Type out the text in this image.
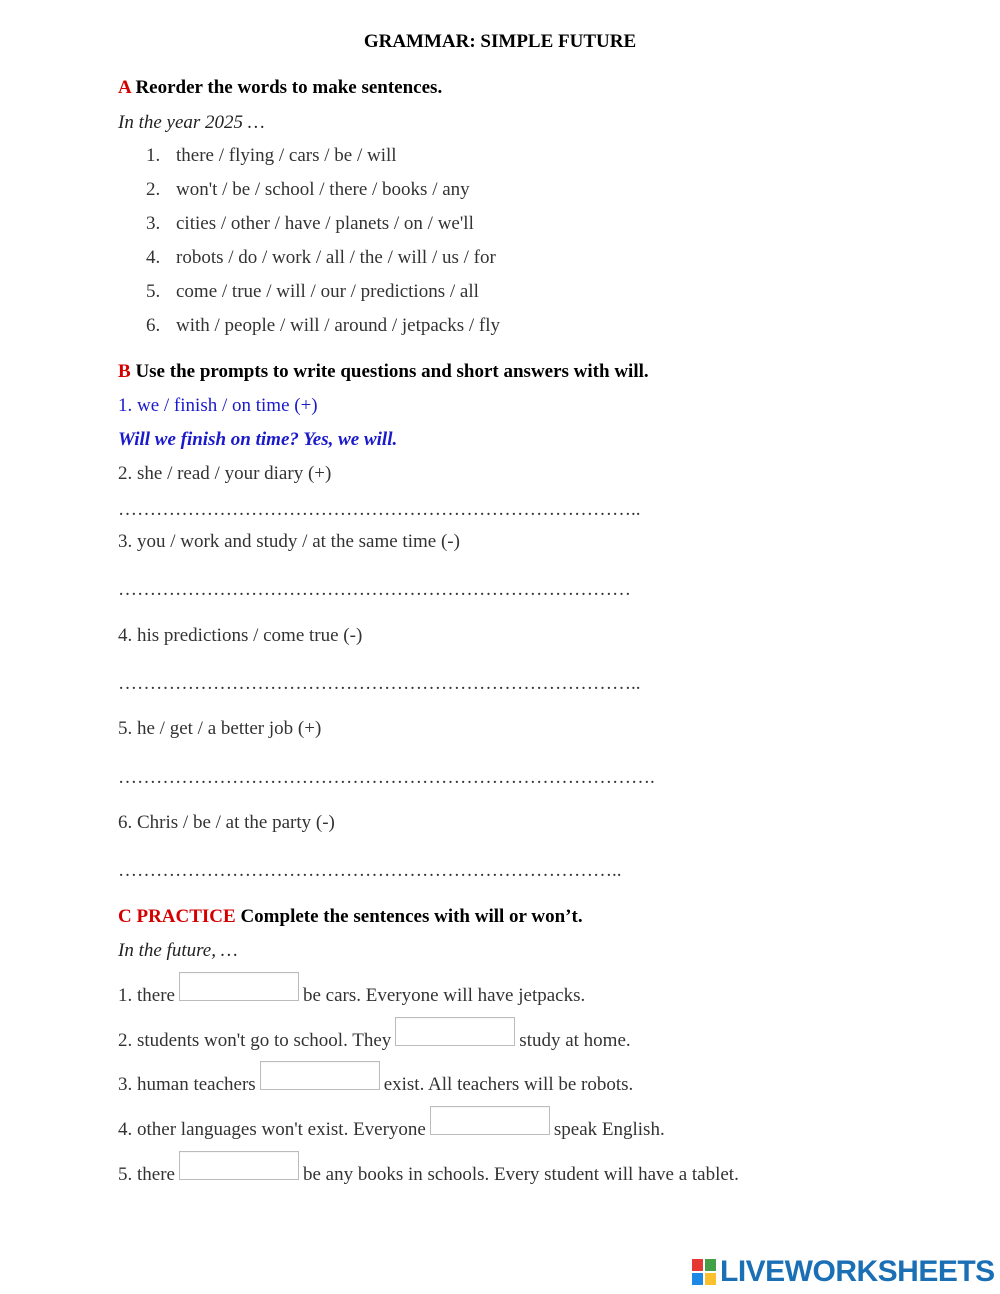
GRAMMAR: SIMPLE FUTURE
A Reorder the words to make sentences.
In the year 2025 …
1. there / flying / cars / be / will
2. won't / be / school / there / books / any
3. cities / other / have / planets / on / we'll
4. robots / do / work / all / the / will / us / for
5. come / true / will / our / predictions / all
6. with / people / will / around / jetpacks / fly
B Use the prompts to write questions and short answers with will.
1. we / finish / on time (+)
Will we finish on time? Yes, we will.
2. she / read / your diary (+)
………………………………………………………………………..
3. you / work and study / at the same time (-)
………………………………………………………………………
4. his predictions / come true (-)
………………………………………………………………………..
5. he / get / a better job (+)
………………………………………………………………………….
6. Chris / be / at the party (-)
……………………………………………………………………..
C PRACTICE Complete the sentences with will or won’t.
In the future, …
1. there	be cars. Everyone will have jetpacks.
2. students won't go to school. They	study at home.
3. human teachers	exist. All teachers will be robots.
4. other languages won't exist. Everyone	speak English.
5. there	be any books in schools. Every student will have a tablet.
LIVEWORKSHEETS
